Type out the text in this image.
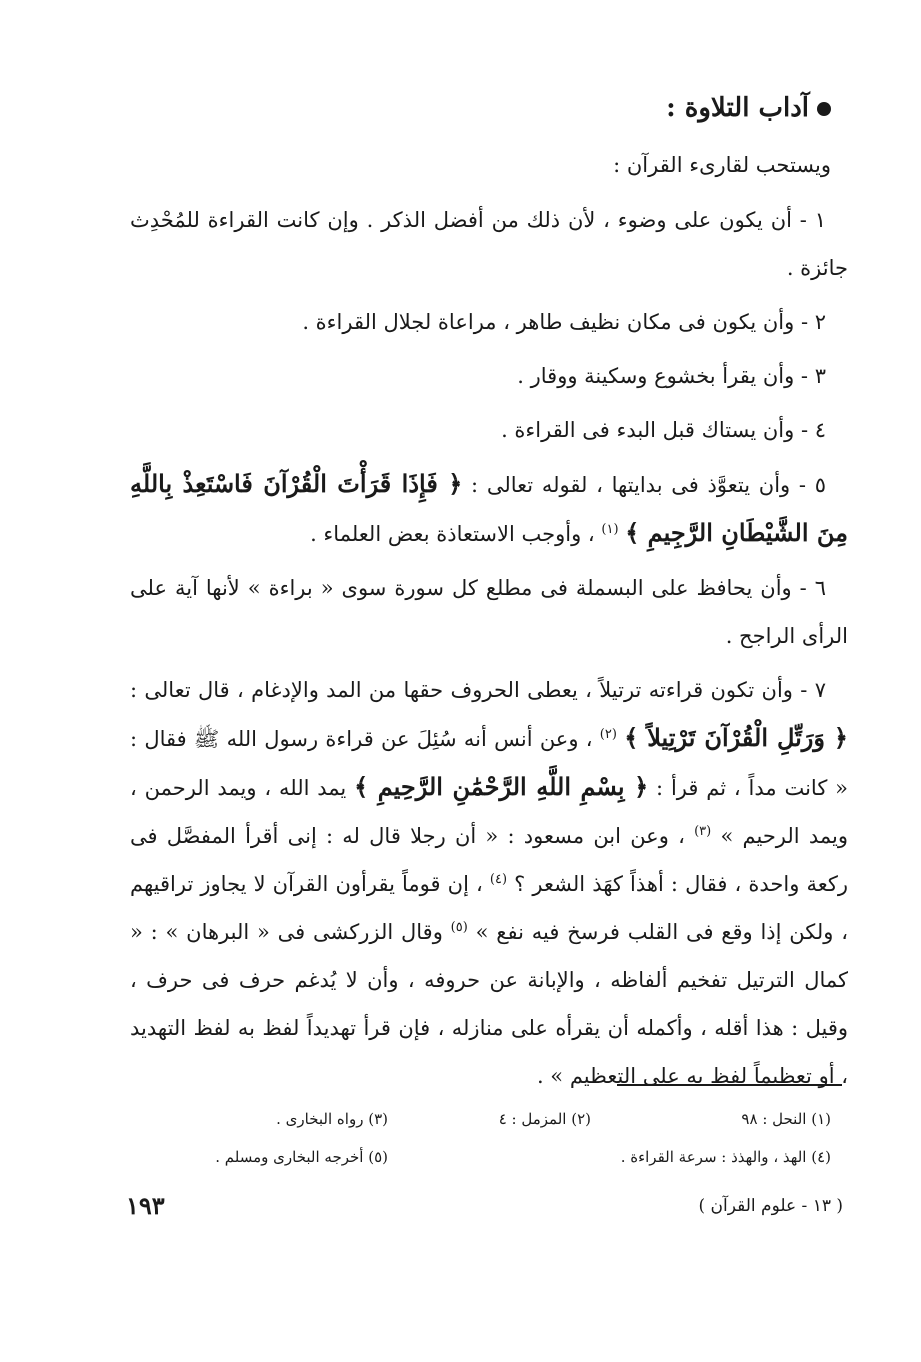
آداب التلاوة :
ويستحب لقارىء القرآن :

١ - أن يكون على وضوء ، لأن ذلك من أفضل الذكر . وإن كانت القراءة للمُحْدِث جائزة .

٢ - وأن يكون فى مكان نظيف طاهر ، مراعاة لجلال القراءة .

٣ - وأن يقرأ بخشوع وسكينة ووقار .

٤ - وأن يستاك قبل البدء فى القراءة .

٥ - وأن يتعوَّذ فى بدايتها ، لقوله تعالى : ﴿ فَإِذَا قَرَأْتَ الْقُرْآنَ فَاسْتَعِذْ بِاللَّهِ مِنَ الشَّيْطَانِ الرَّجِيمِ ﴾ $^{(١)}$ ، وأوجب الاستعاذة بعض العلماء .

٦ - وأن يحافظ على البسملة فى مطلع كل سورة سوى « براءة » لأنها آية على الرأى الراجح .

٧ - وأن تكون قراءته ترتيلاً ، يعطى الحروف حقها من المد والإدغام ، قال تعالى : ﴿ وَرَتِّلِ الْقُرْآنَ تَرْتِيلاً ﴾ $^{(٢)}$ ، وعن أنس أنه سُئِلَ عن قراءة رسول الله ﷺ فقال : « كانت مداً ، ثم قرأ : ﴿ بِسْمِ اللَّهِ الرَّحْمَٰنِ الرَّحِيمِ ﴾ يمد الله ، ويمد الرحمن ، ويمد الرحيم » $^{(٣)}$ ، وعن ابن مسعود : « أن رجلا قال له : إنى أقرأ المفصَّل فى ركعة واحدة ، فقال : أهذاً كهَذ الشعر ؟ $^{(٤)}$ ، إن قوماً يقرأون القرآن لا يجاوز تراقيهم ، ولكن إذا وقع فى القلب فرسخ فيه نفع » $^{(٥)}$ وقال الزركشى فى « البرهان » : « كمال الترتيل تفخيم ألفاظه ، والإبانة عن حروفه ، وأن لا يُدغم حرف فى حرف ، وقيل : هذا أقله ، وأكمله أن يقرأه على منازله ، فإن قرأ تهديداً لفظ به لفظ التهديد ، أو تعظيماً لفظ به على التعظيم » .

(١) النحل : ٩٨
(٢) المزمل : ٤
(٣) رواه البخارى .
(٤) الهذ ، والهذذ : سرعة القراءة .
(٥) أخرجه البخارى ومسلم .
( ١٣ - علوم القرآن )
١٩٣
